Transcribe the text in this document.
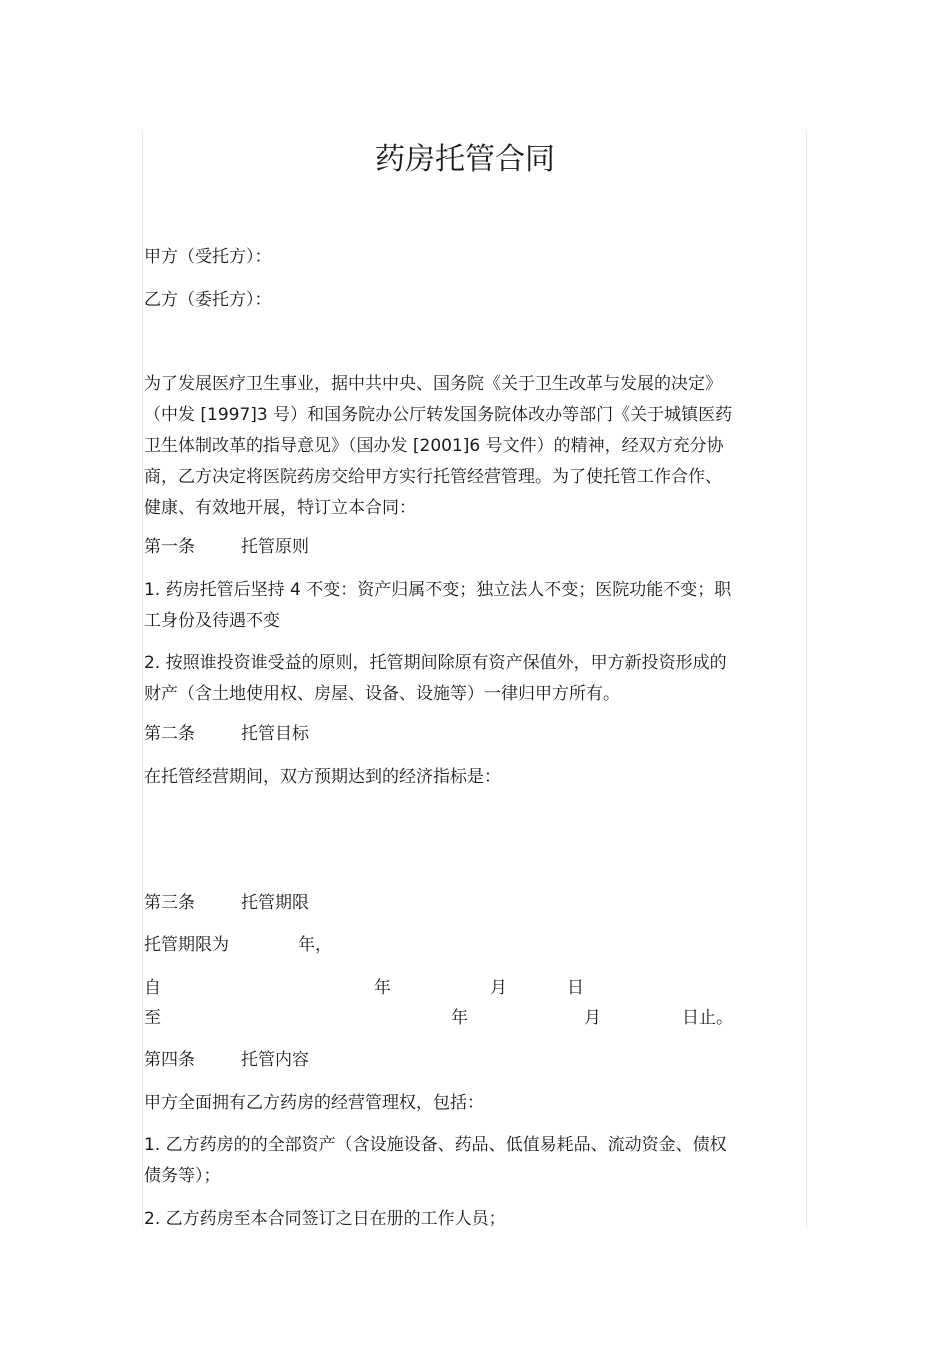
药房托管合同

甲方（受托方）：

乙方（委托方）：

为了发展医疗卫生事业，据中共中央、国务院《关于卫生改革与发展的决定》
（中发 [1997]3 号）和国务院办公厅转发国务院体改办等部门《关于城镇医药
卫生体制改革的指导意见》（国办发 [2001]6 号文件）的精神，经双方充分协
商，乙方决定将医院药房交给甲方实行托管经营管理。为了使托管工作合作、
健康、有效地开展，特订立本合同：

第一条	托管原则

1. 药房托管后坚持 4 不变：资产归属不变；独立法人不变；医院功能不变；职
工身份及待遇不变
2. 按照谁投资谁受益的原则，托管期间除原有资产保值外，甲方新投资形成的
财产（含土地使用权、房屋、设备、设施等）一律归甲方所有。

第二条	托管目标

在托管经营期间，双方预期达到的经济指标是：

第三条	托管期限

托管期限为	年，

自	年	月	日

至	年	月	日止。

第四条	托管内容

甲方全面拥有乙方药房的经营管理权，包括：

1. 乙方药房的的全部资产（含设施设备、药品、低值易耗品、流动资金、债权
债务等）；

2. 乙方药房至本合同签订之日在册的工作人员；
